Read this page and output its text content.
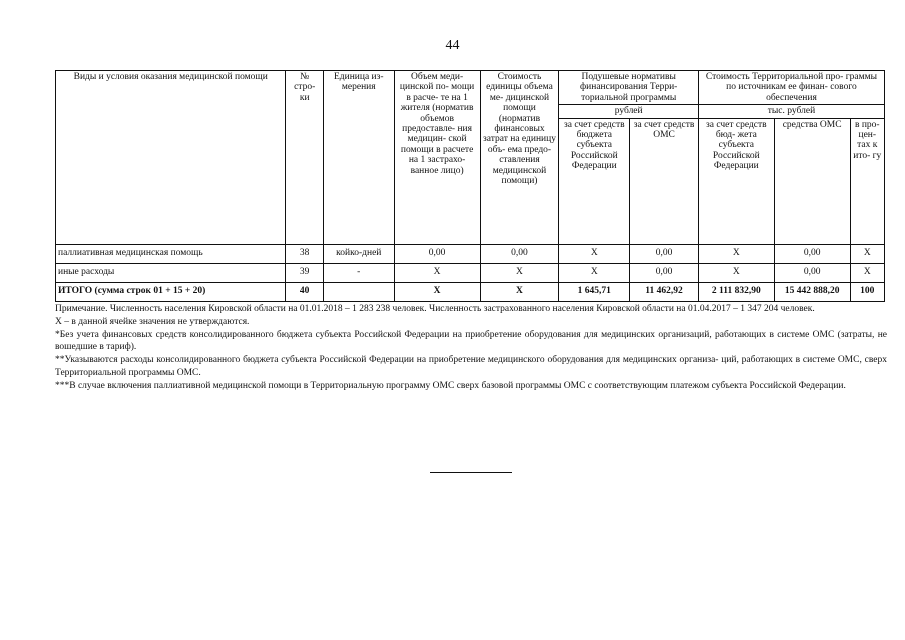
44
Виды и условия оказания медицинской помощи	№ стро- ки	Единица из- мерения	Объем меди- цинской по- мощи в расче- те на 1 жителя (норматив объемов предоставле- ния медицин- ской помощи в расчете на 1 застрахо- ванное лицо)	Стоимость единицы объема ме- дицинской помощи (норматив финансовых затрат на единицу объ- ема предо- ставления медицинской помощи)	Подушевые нормативы финансирования Терри- ториальной программы		Стоимость Территориальной про- граммы по источникам ее финан- сового обеспечения		
					рублей		тыс. рублей		
					за счет средств бюджета субъекта Российской Федерации	за счет средств ОМС	за счет средств бюд- жета субъекта Российской Федерации	средства ОМС	в про- цен- тах к ито- гу
паллиативная медицинская помощь	38	койко-дней	0,00	0,00	Х	0,00	Х	0,00	Х
иные расходы	39	-	Х	Х	Х	0,00	Х	0,00	Х
ИТОГО (сумма строк 01 + 15 + 20)	40		Х	Х	1 645,71	11 462,92	2 111 832,90	15 442 888,20	100

Примечание. Численность населения Кировской области на 01.01.2018 – 1 283 238 человек. Численность застрахованного населения Кировской области на 01.04.2017 – 1 347 204 человек.

Х – в данной ячейке значения не утверждаются.

*Без учета финансовых средств консолидированного бюджета субъекта Российской Федерации на приобретение оборудования для медицинских организаций, работающих в системе ОМС (затраты, не вошедшие в тариф).

**Указываются расходы консолидированного бюджета субъекта Российской Федерации на приобретение медицинского оборудования для медицинских организа- ций, работающих в системе ОМС, сверх Территориальной программы ОМС.

***В случае включения паллиативной медицинской помощи в Территориальную программу ОМС сверх базовой программы ОМС с соответствующим платежом субъекта Российской Федерации.
